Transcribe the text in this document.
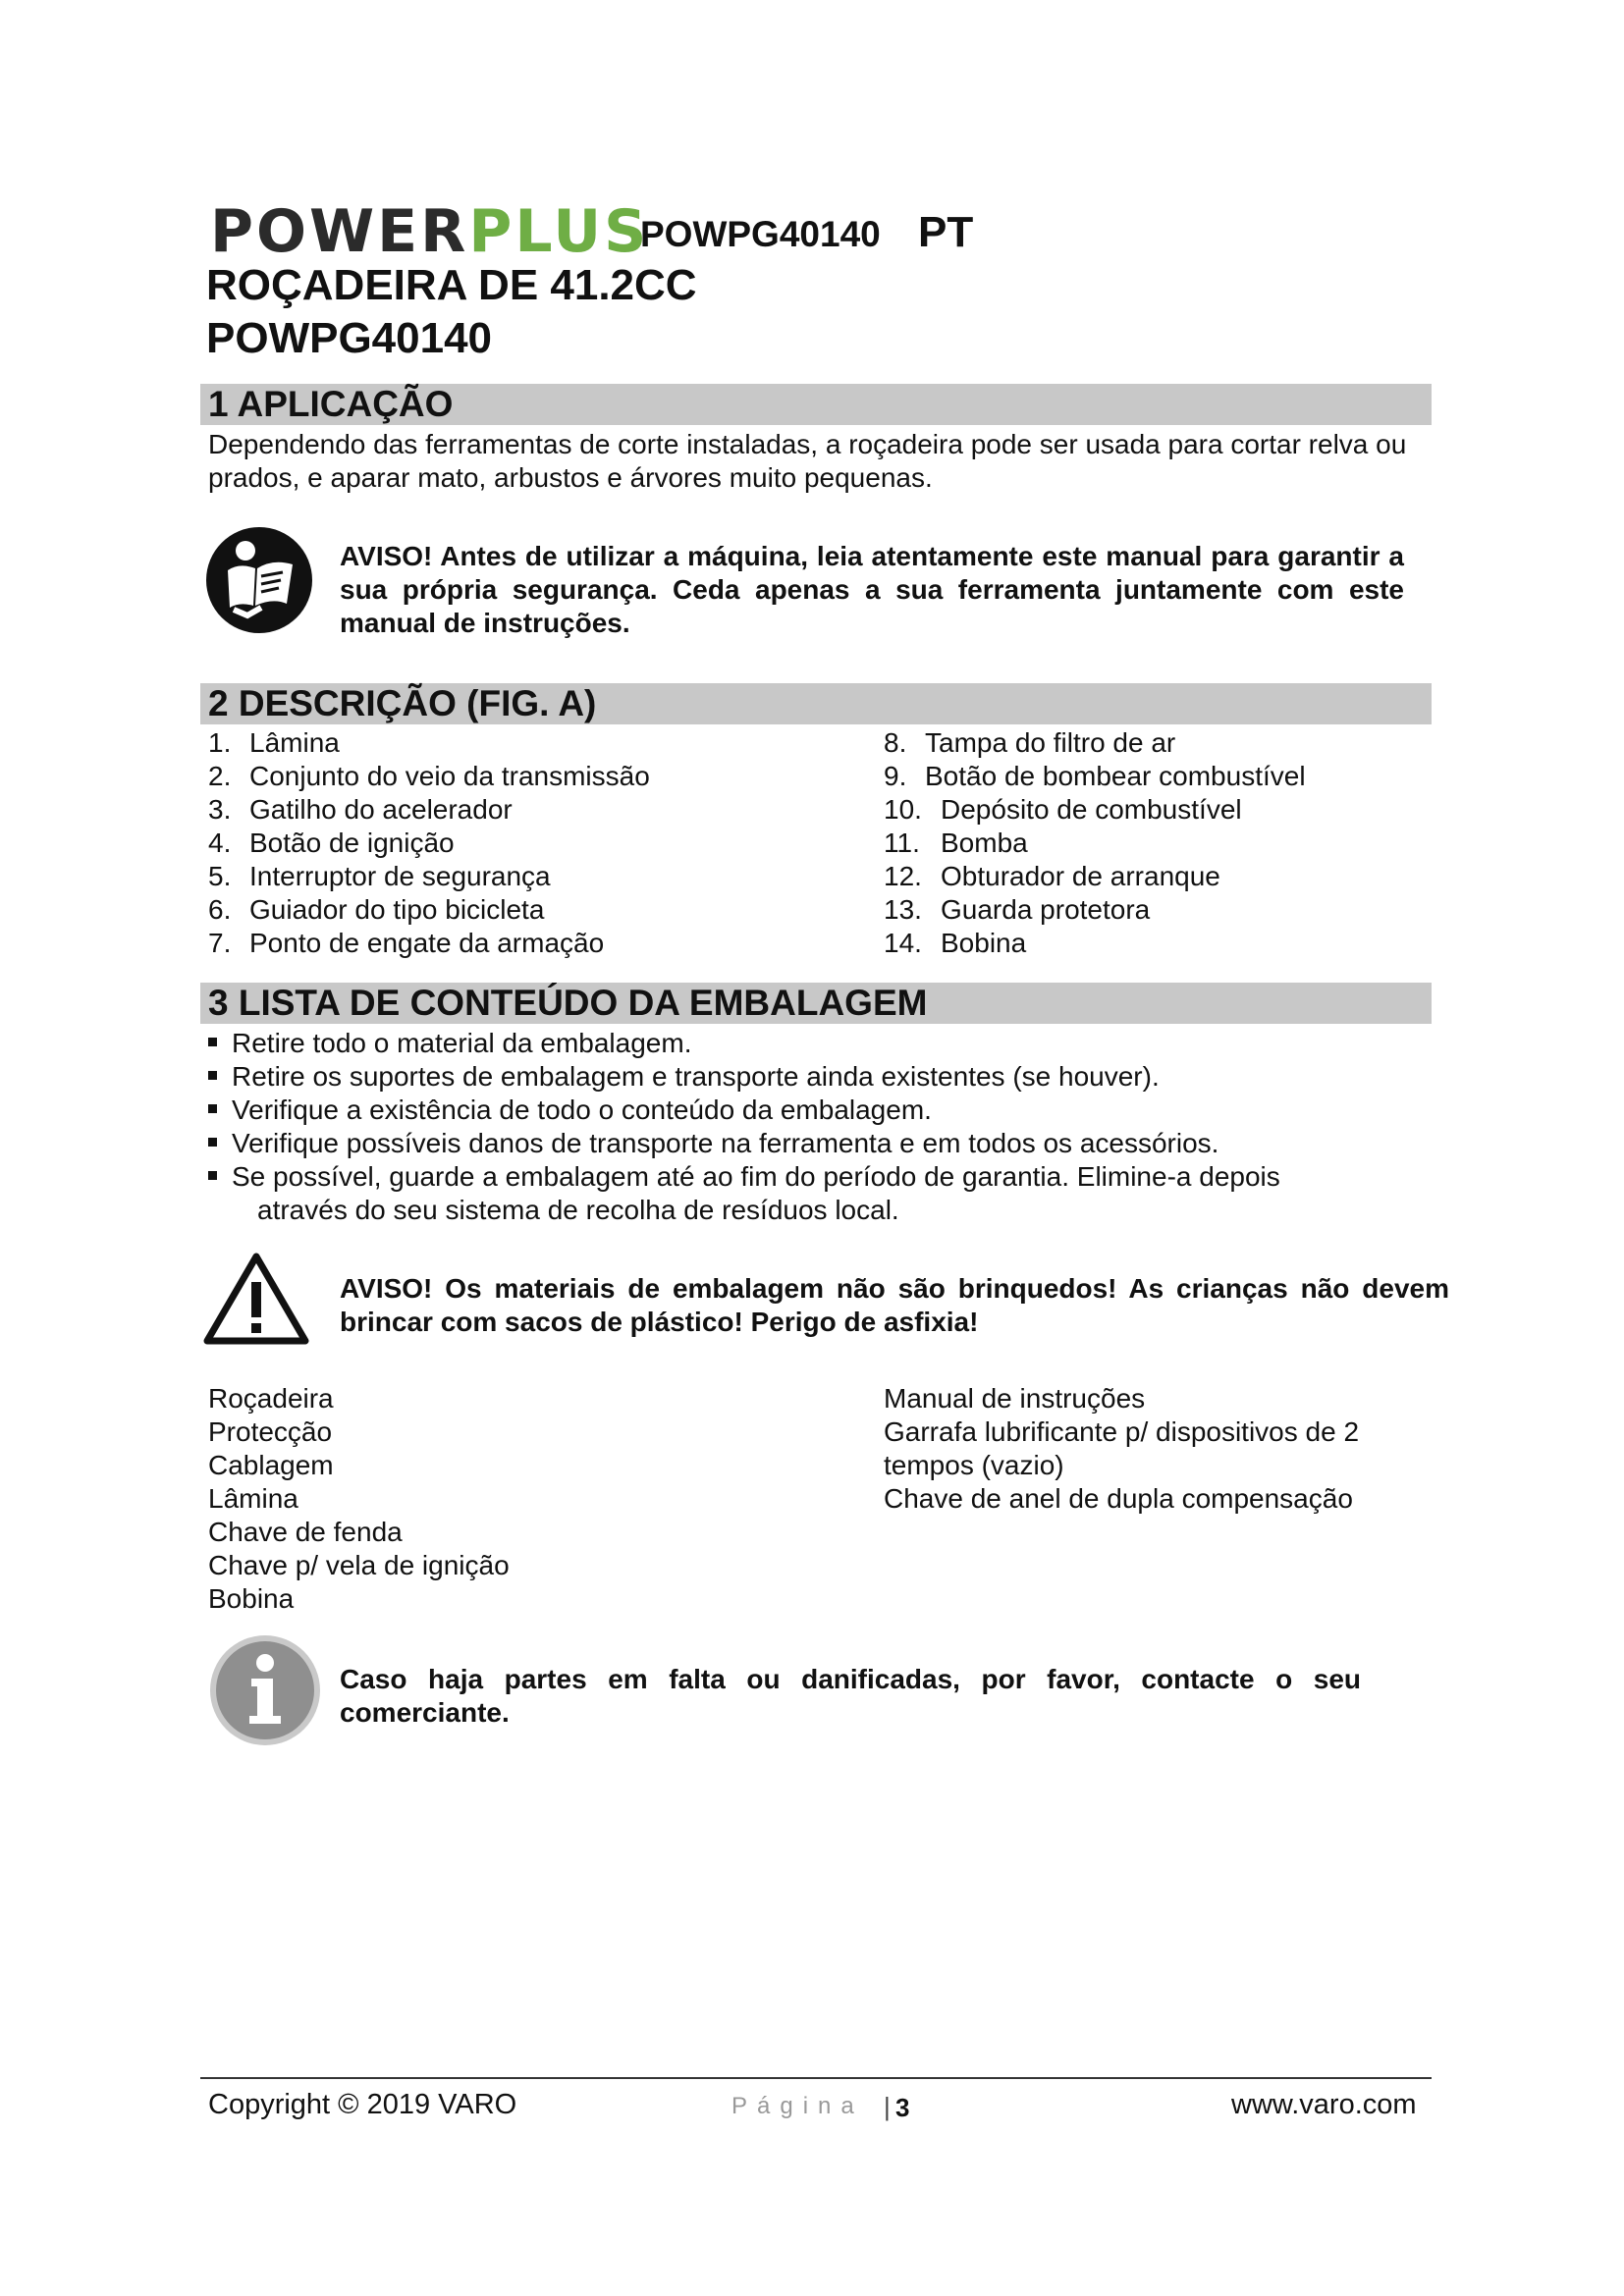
POWER PLUS
POWPG40140 PT
ROÇADEIRA DE 41.2CC
POWPG40140
1 APLICAÇÃO
Dependendo das ferramentas de corte instaladas, a roçadeira pode ser usada para cortar relva ou prados, e aparar mato, arbustos e árvores muito pequenas.
AVISO! Antes de utilizar a máquina, leia atentamente este manual para garantir a sua própria segurança. Ceda apenas a sua ferramenta juntamente com este manual de instruções.
2 DESCRIÇÃO (FIG. A)
1. Lâmina
2. Conjunto do veio da transmissão
3. Gatilho do acelerador
4. Botão de ignição
5. Interruptor de segurança
6. Guiador do tipo bicicleta
7. Ponto de engate da armação
8. Tampa do filtro de ar
9. Botão de bombear combustível
10. Depósito de combustível
11. Bomba
12. Obturador de arranque
13. Guarda protetora
14. Bobina
3 LISTA DE CONTEÚDO DA EMBALAGEM
Retire todo o material da embalagem.
Retire os suportes de embalagem e transporte ainda existentes (se houver).
Verifique a existência de todo o conteúdo da embalagem.
Verifique possíveis danos de transporte na ferramenta e em todos os acessórios.
Se possível, guarde a embalagem até ao fim do período de garantia. Elimine-a depois
através do seu sistema de recolha de resíduos local.
AVISO! Os materiais de embalagem não são brinquedos! As crianças não devem brincar com sacos de plástico! Perigo de asfixia!
Roçadeira
Protecção
Cablagem
Lâmina
Chave de fenda
Chave p/ vela de ignição
Bobina
Manual de instruções
Garrafa lubrificante p/ dispositivos de 2
tempos (vazio)
Chave de anel de dupla compensação
Caso haja partes em falta ou danificadas, por favor, contacte o seu comerciante.
Copyright © 2019 VARO	Página | 3	www.varo.com
